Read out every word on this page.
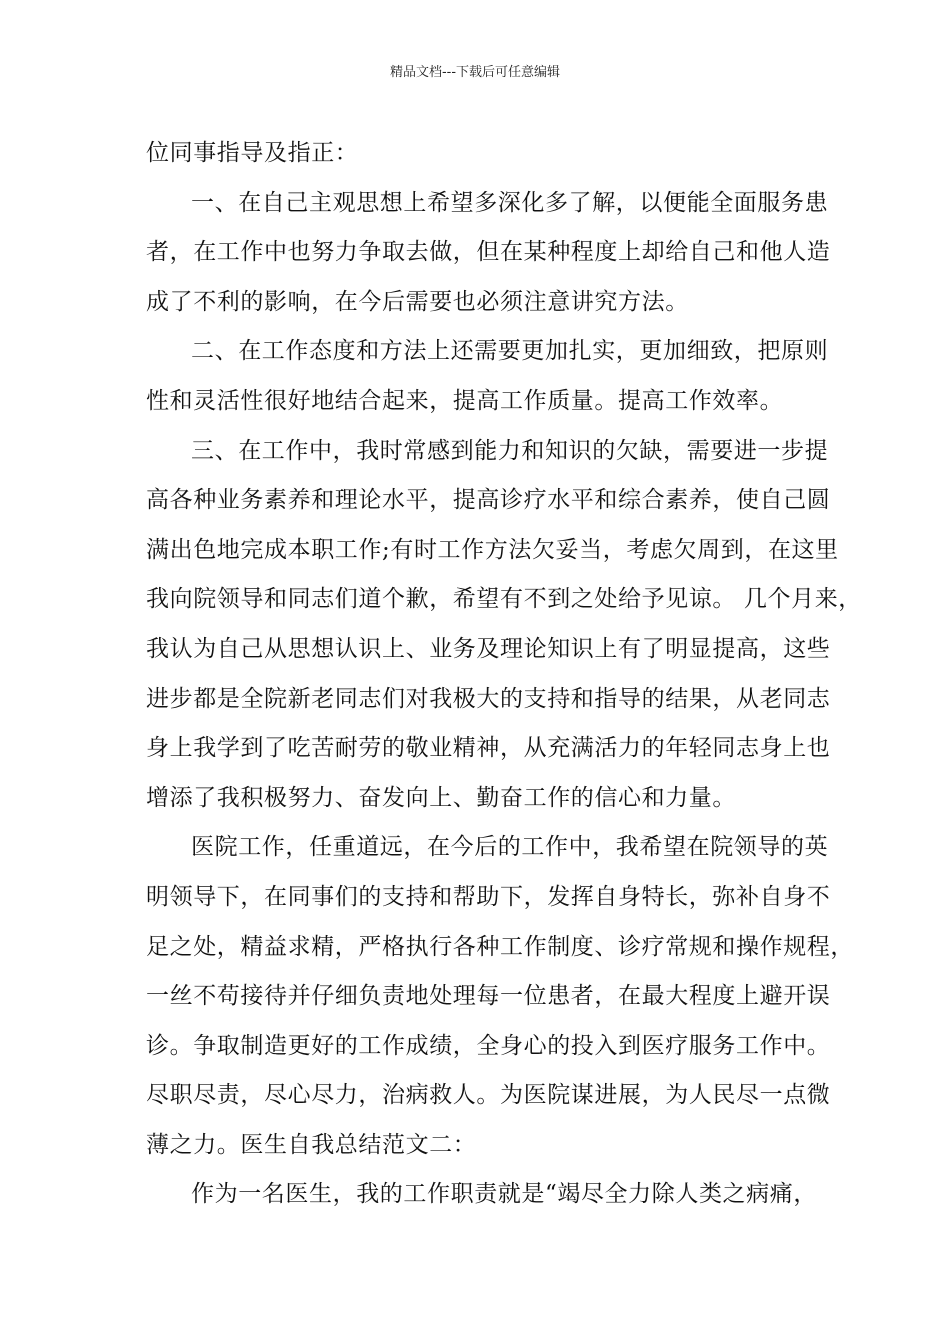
精品文档---下载后可任意编辑

位同事指导及指正：

一、在自己主观思想上希望多深化多了解，以便能全面服务患
者，在工作中也努力争取去做，但在某种程度上却给自己和他人造
成了不利的影响，在今后需要也必须注意讲究方法。

二、在工作态度和方法上还需要更加扎实，更加细致，把原则
性和灵活性很好地结合起来，提高工作质量。提高工作效率。

三、在工作中，我时常感到能力和知识的欠缺，需要进一步提
高各种业务素养和理论水平，提高诊疗水平和综合素养，使自己圆
满出色地完成本职工作;有时工作方法欠妥当，考虑欠周到，在这里
我向院领导和同志们道个歉，希望有不到之处给予见谅。 几个月来，
我认为自己从思想认识上、业务及理论知识上有了明显提高，这些
进步都是全院新老同志们对我极大的支持和指导的结果，从老同志
身上我学到了吃苦耐劳的敬业精神，从充满活力的年轻同志身上也
增添了我积极努力、奋发向上、勤奋工作的信心和力量。

医院工作，任重道远，在今后的工作中，我希望在院领导的英
明领导下，在同事们的支持和帮助下，发挥自身特长，弥补自身不
足之处，精益求精，严格执行各种工作制度、诊疗常规和操作规程，
一丝不苟接待并仔细负责地处理每一位患者，在最大程度上避开误
诊。争取制造更好的工作成绩，全身心的投入到医疗服务工作中。
尽职尽责，尽心尽力，治病救人。为医院谋进展，为人民尽一点微
薄之力。医生自我总结范文二：

作为一名医生，我的工作职责就是“竭尽全力除人类之病痛，
